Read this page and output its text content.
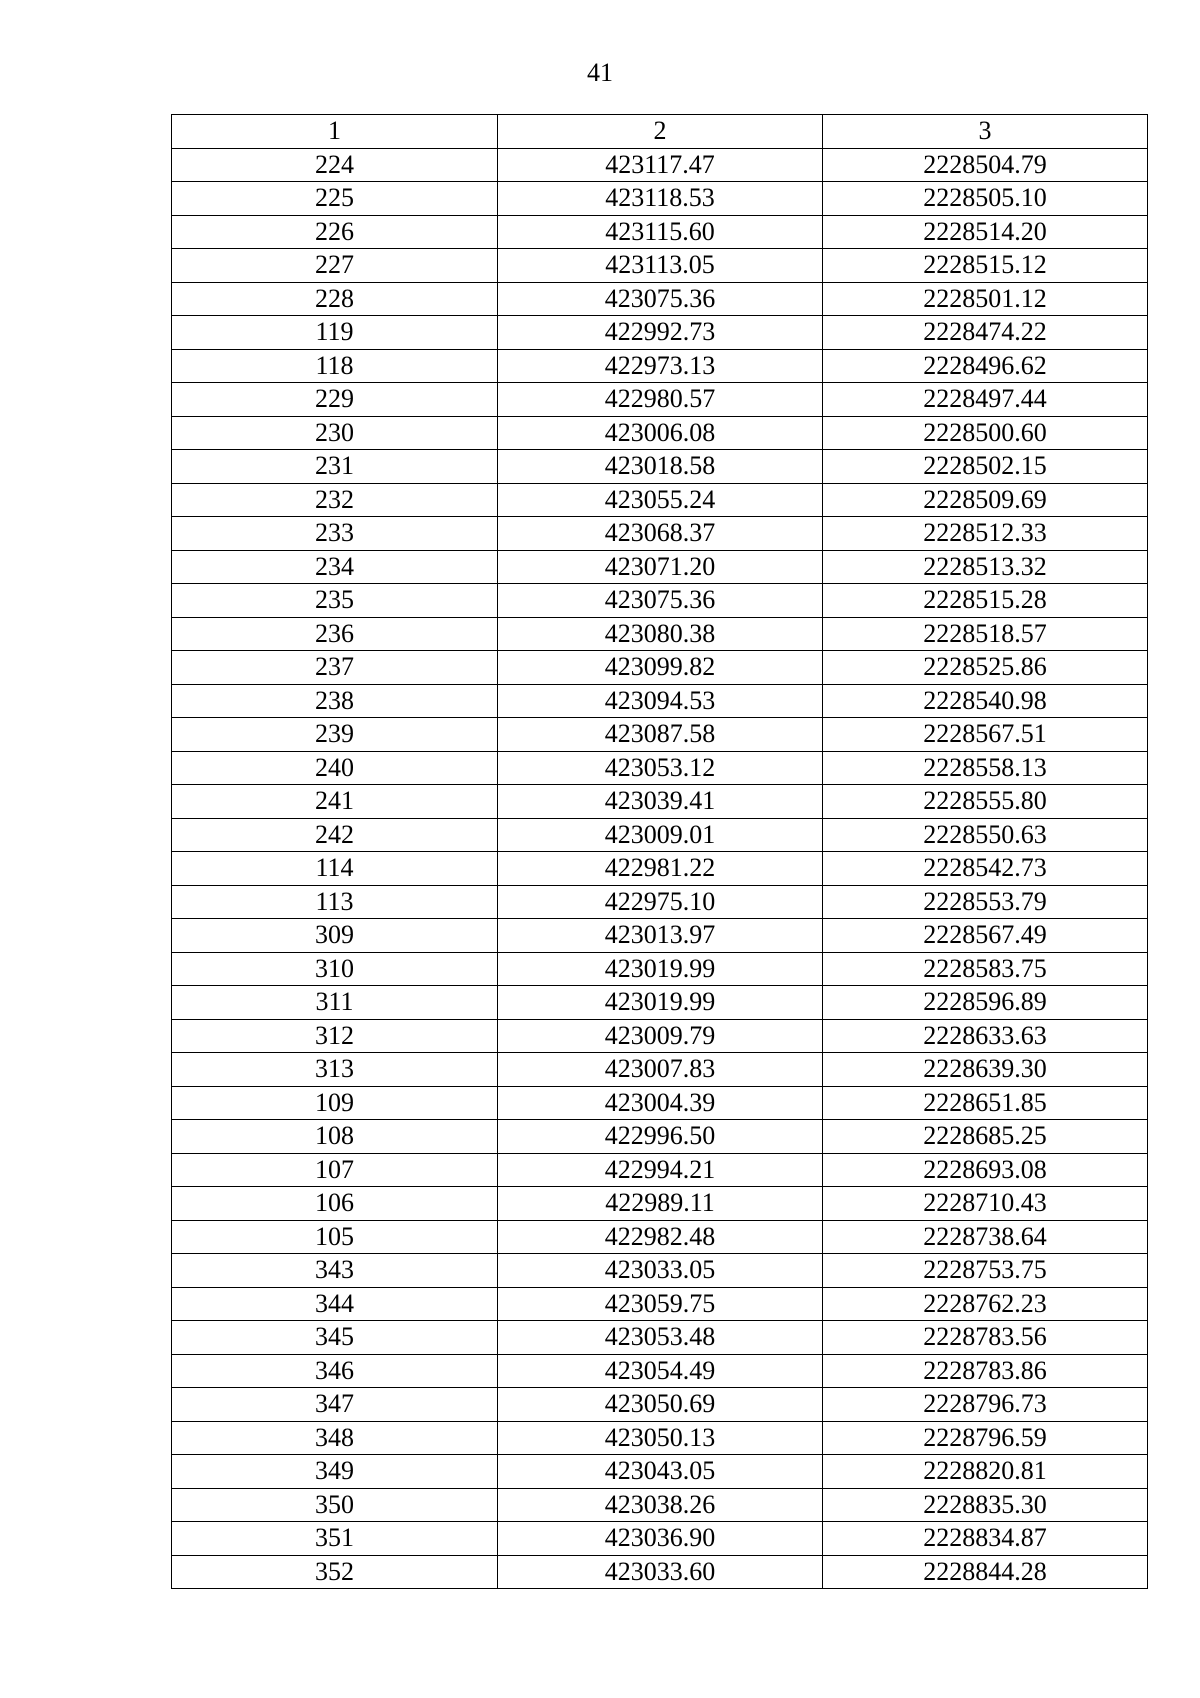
41
1	2	3
224	423117.47	2228504.79
225	423118.53	2228505.10
226	423115.60	2228514.20
227	423113.05	2228515.12
228	423075.36	2228501.12
119	422992.73	2228474.22
118	422973.13	2228496.62
229	422980.57	2228497.44
230	423006.08	2228500.60
231	423018.58	2228502.15
232	423055.24	2228509.69
233	423068.37	2228512.33
234	423071.20	2228513.32
235	423075.36	2228515.28
236	423080.38	2228518.57
237	423099.82	2228525.86
238	423094.53	2228540.98
239	423087.58	2228567.51
240	423053.12	2228558.13
241	423039.41	2228555.80
242	423009.01	2228550.63
114	422981.22	2228542.73
113	422975.10	2228553.79
309	423013.97	2228567.49
310	423019.99	2228583.75
311	423019.99	2228596.89
312	423009.79	2228633.63
313	423007.83	2228639.30
109	423004.39	2228651.85
108	422996.50	2228685.25
107	422994.21	2228693.08
106	422989.11	2228710.43
105	422982.48	2228738.64
343	423033.05	2228753.75
344	423059.75	2228762.23
345	423053.48	2228783.56
346	423054.49	2228783.86
347	423050.69	2228796.73
348	423050.13	2228796.59
349	423043.05	2228820.81
350	423038.26	2228835.30
351	423036.90	2228834.87
352	423033.60	2228844.28
